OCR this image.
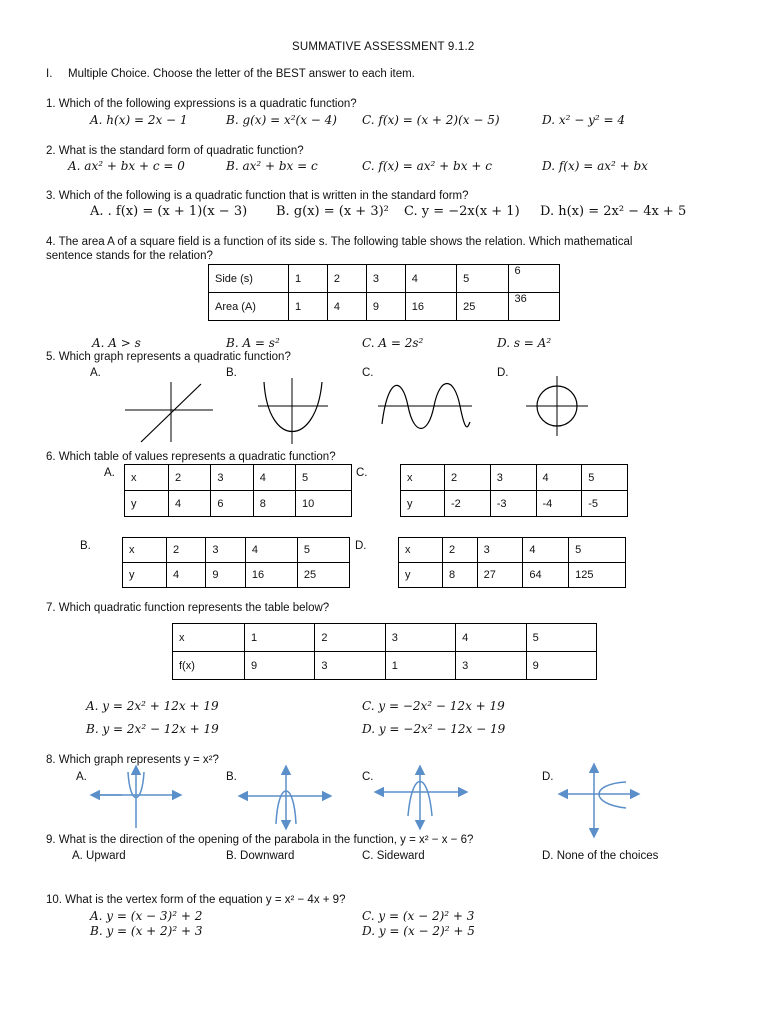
SUMMATIVE ASSESSMENT 9.1.2
I. Multiple Choice. Choose the letter of the BEST answer to each item.
1. Which of the following expressions is a quadratic function?
A. h(x) = 2x − 1	B. g(x) = x²(x − 4) C. f(x) = (x + 2)(x − 5)	D. x² − y² = 4
2. What is the standard form of quadratic function?
A. ax² + bx + c = 0	B. ax² + bx = c	C. f(x) = ax² + bx + c	D. f(x) = ax² + bx
3. Which of the following is a quadratic function that is written in the standard form?
A. . f(x) = (x + 1)(x − 3) B. g(x) = (x + 3)² C. y = −2x(x + 1) D. h(x) = 2x² − 4x + 5
4. The area A of a square field is a function of its side s. The following table shows the relation. Which mathematical
sentence stands for the relation?
Side (s)	1	2	3	4	5	6
Area (A)	1	4	9	16	25	36
A. A > s	B. A = s²	C. A = 2s²	D. s = A²
5. Which graph represents a quadratic function?
A.	B.	C.	D.
6. Which table of values represents a quadratic function?
A.	C.
B.	D.
x	2	3	4	5
y	4	6	8	10
x	2	3	4	5
y	-2	-3	-4	-5
x	2	3	4	5
y	4	9	16	25
x	2	3	4	5
y	8	27	64	125
7. Which quadratic function represents the table below?
x	1	2	3	4	5
f(x)	9	3	1	3	9
A. y = 2x² + 12x + 19
B. y = 2x² − 12x + 19
C. y = −2x² − 12x + 19
D. y = −2x² − 12x − 19
8. Which graph represents y = x²?
A.	B.	C.	D.
9. What is the direction of the opening of the parabola in the function, y = x² − x − 6?
A. Upward	B. Downward	C. Sideward	D. None of the choices
10. What is the vertex form of the equation y = x² − 4x + 9?
A. y = (x − 3)² + 2
B. y = (x + 2)² + 3
C. y = (x − 2)² + 3
D. y = (x − 2)² + 5
